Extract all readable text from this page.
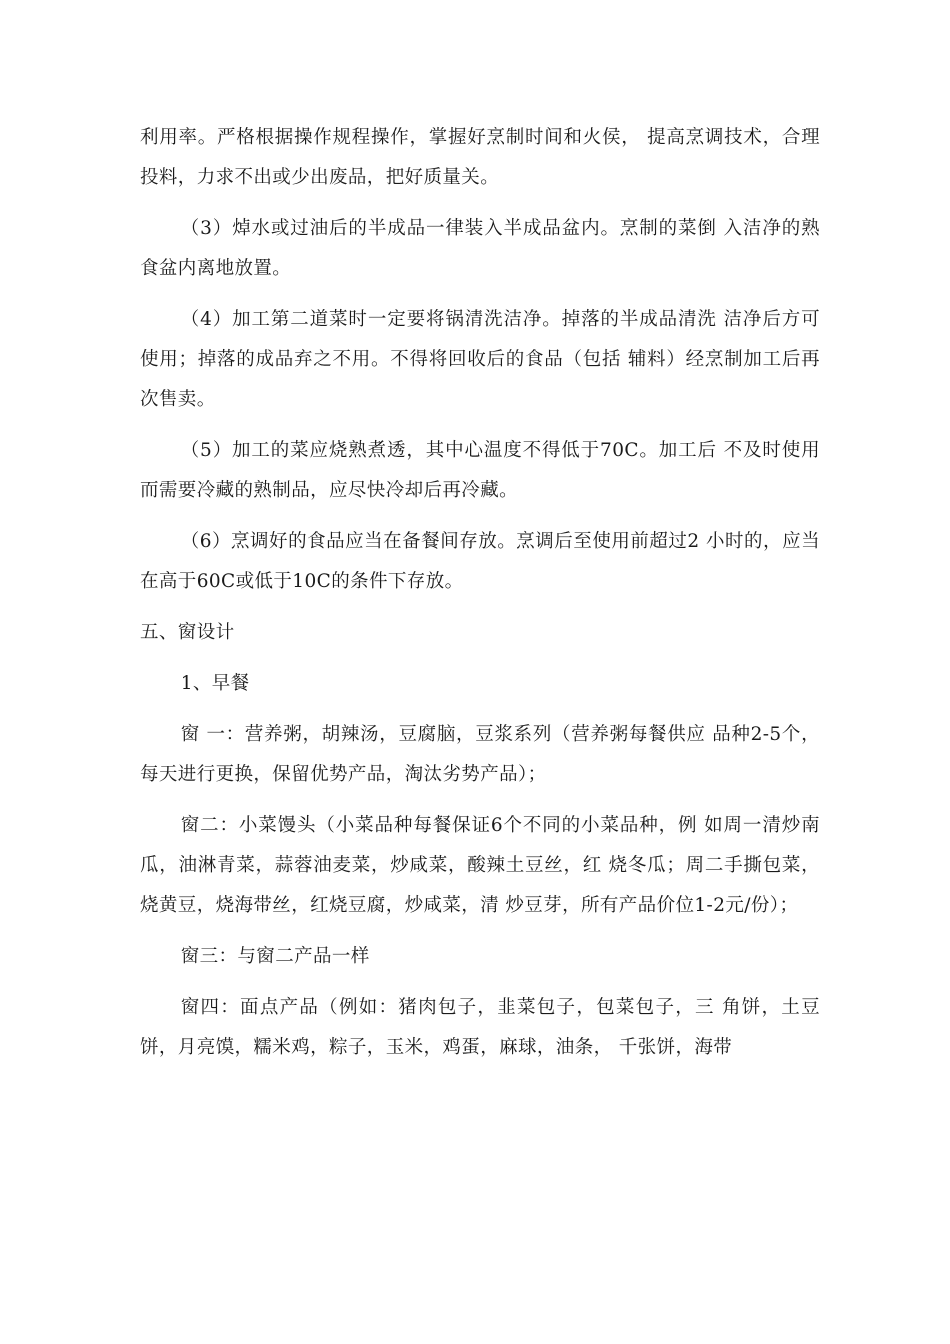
利用率。严格根据操作规程操作，掌握好烹制时间和火侯， 提高烹调技术，合理投料，力求不出或少出废品，把好质量关。

（3）焯水或过油后的半成品一律装入半成品盆内。烹制的菜倒 入洁净的熟食盆内离地放置。

（4）加工第二道菜时一定要将锅清洗洁净。掉落的半成品清洗 洁净后方可使用；掉落的成品弃之不用。不得将回收后的食品（包括 辅料）经烹制加工后再次售卖。

（5）加工的菜应烧熟煮透，其中心温度不得低于70C。加工后 不及时使用而需要冷藏的熟制品，应尽快冷却后再冷藏。

（6）烹调好的食品应当在备餐间存放。烹调后至使用前超过2 小时的，应当在高于60C或低于10C的条件下存放。

五、窗设计

1、早餐

窗 一：营养粥，胡辣汤，豆腐脑，豆浆系列（营养粥每餐供应 品种2-5个，每天进行更换，保留优势产品，淘汰劣势产品）；

窗二：小菜馒头（小菜品种每餐保证6个不同的小菜品种，例 如周一清炒南瓜，油淋青菜，蒜蓉油麦菜，炒咸菜，酸辣土豆丝，红 烧冬瓜；周二手撕包菜，烧黄豆，烧海带丝，红烧豆腐，炒咸菜，清 炒豆芽，所有产品价位1-2元/份）；

窗三：与窗二产品一样

窗四：面点产品（例如：猪肉包子，韭菜包子，包菜包子，三 角饼，土豆饼，月亮馍，糯米鸡，粽子，玉米，鸡蛋，麻球，油条， 千张饼，海带
